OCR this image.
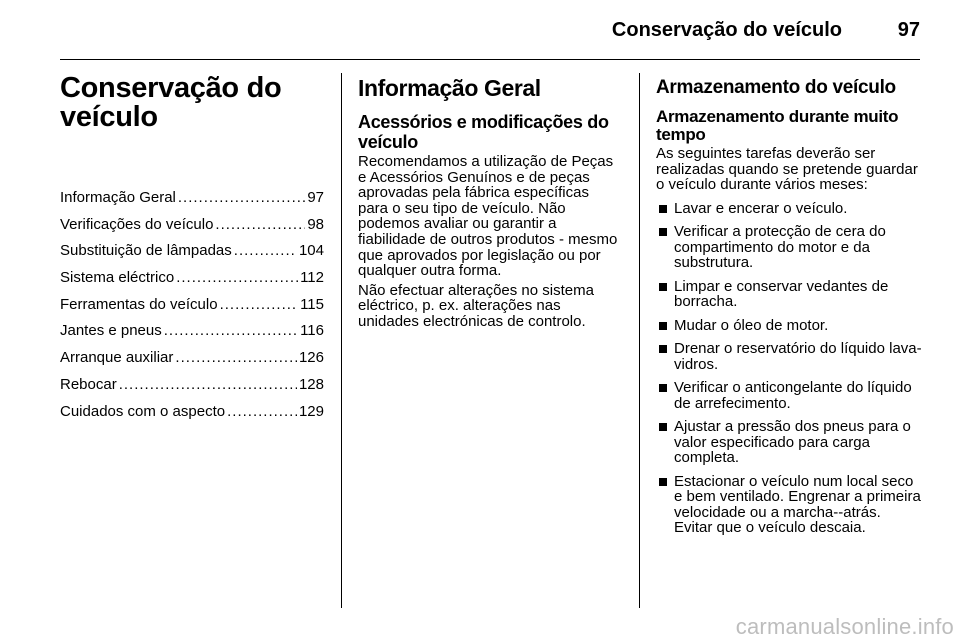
Conservação do veículo	97
Conservação do veículo
Informação Geral .....	97
Verificações do veículo .....	98
Substituição de lâmpadas .....	104
Sistema eléctrico .....	112
Ferramentas do veículo .....	115
Jantes e pneus .....	116
Arranque auxiliar .....	126
Rebocar .....	128
Cuidados com o aspecto .....	129
Informação Geral
Acessórios e modificações do veículo

Recomendamos a utilização de Peças e Acessórios Genuínos e de peças aprovadas pela fábrica específicas para o seu tipo de veículo. Não podemos avaliar ou garantir a fiabilidade de outros produtos - mesmo que aprovados por legislação ou por qualquer outra forma.

Não efectuar alterações no sistema eléctrico, p. ex. alterações nas unidades electrónicas de controlo.

Armazenamento do veículo
Armazenamento durante muito tempo

As seguintes tarefas deverão ser realizadas quando se pretende guardar o veículo durante vários meses:

Lavar e encerar o veículo.
Verificar a protecção de cera do compartimento do motor e da substrutura.
Limpar e conservar vedantes de borracha.
Mudar o óleo de motor.
Drenar o reservatório do líquido lava-vidros.
Verificar o anticongelante do líquido de arrefecimento.
Ajustar a pressão dos pneus para o valor especificado para carga completa.
Estacionar o veículo num local seco e bem ventilado. Engrenar a primeira velocidade ou a marcha--atrás. Evitar que o veículo descaia.
carmanualsonline.info
